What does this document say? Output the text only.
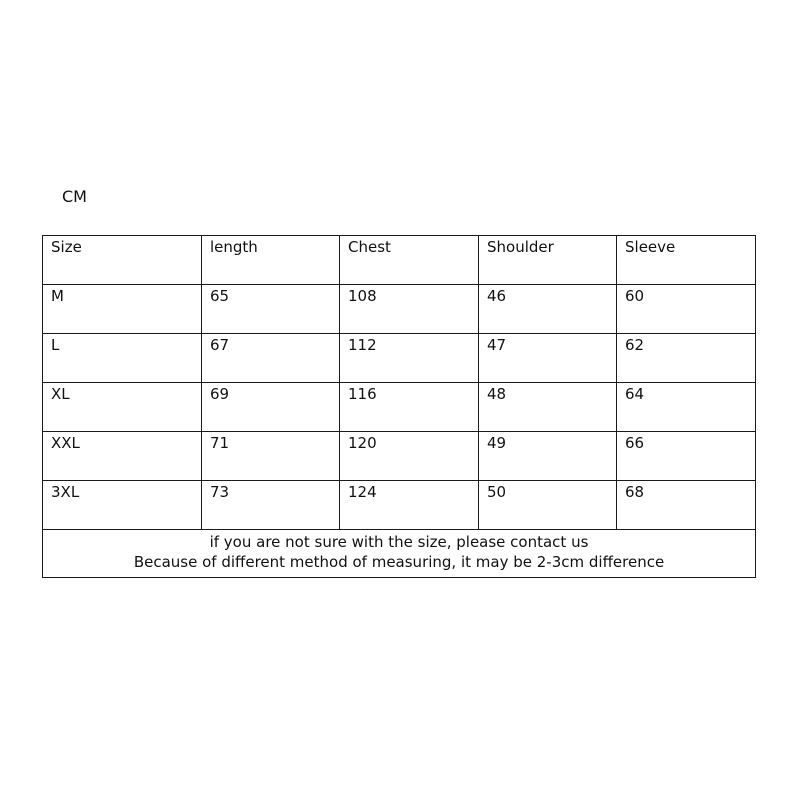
CM
Size	length	Chest	Shoulder	Sleeve
M	65	108	46	60
L	67	112	47	62
XL	69	116	48	64
XXL	71	120	49	66
3XL	73	124	50	68

if you are not sure with the size, please contact us
Because of different method of measuring, it may be 2-3cm difference				
